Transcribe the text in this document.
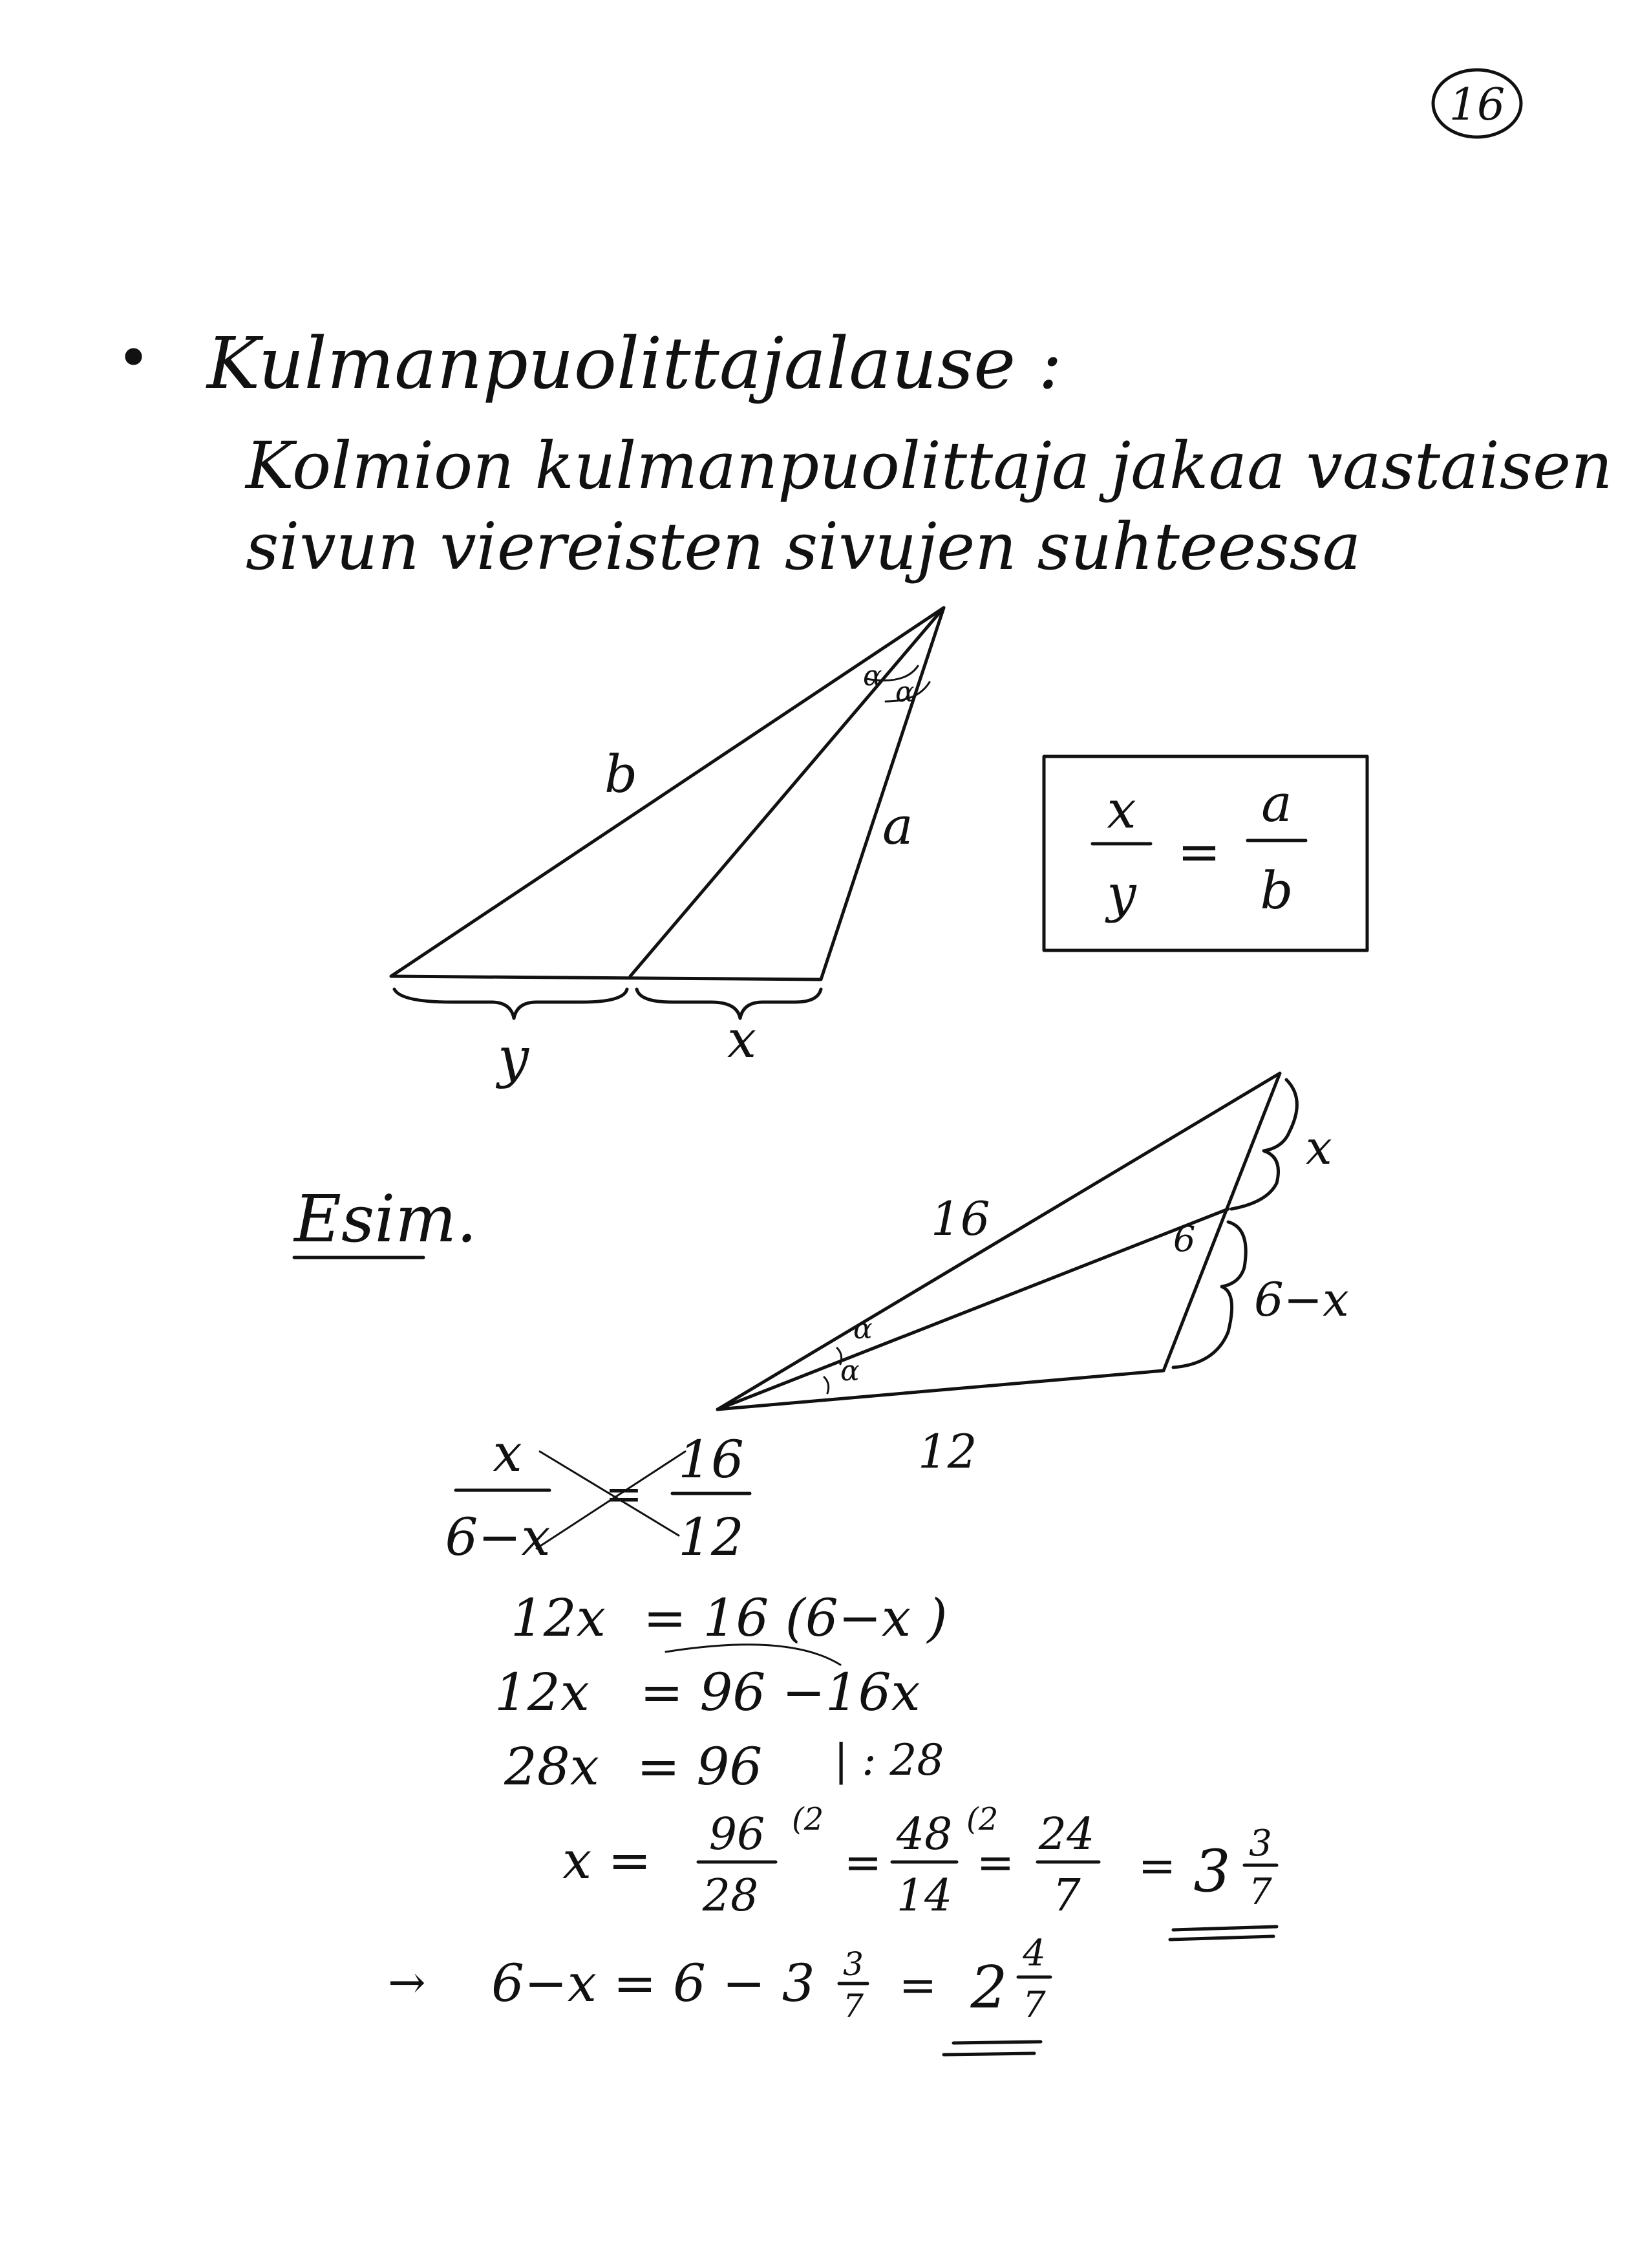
16
• Kulmanpuolittajalause :
Kolmion kulmanpuolittaja jakaa vastaisen
sivun viereisten sivujen suhteessa
α α
b
a
y	x
x
y
=
a
b
Esim.
α
α
16
12
6
x
6−x
x
6−x
=
16
12
12x = 16 (6−x )
12x = 96 −16x
28x = 96 | : 28
x = 96 (2
28
=
48 (2
14
=
24
7
= 3 3
7
→ 6−x = 6 − 3 3
7 = 2
4
7
